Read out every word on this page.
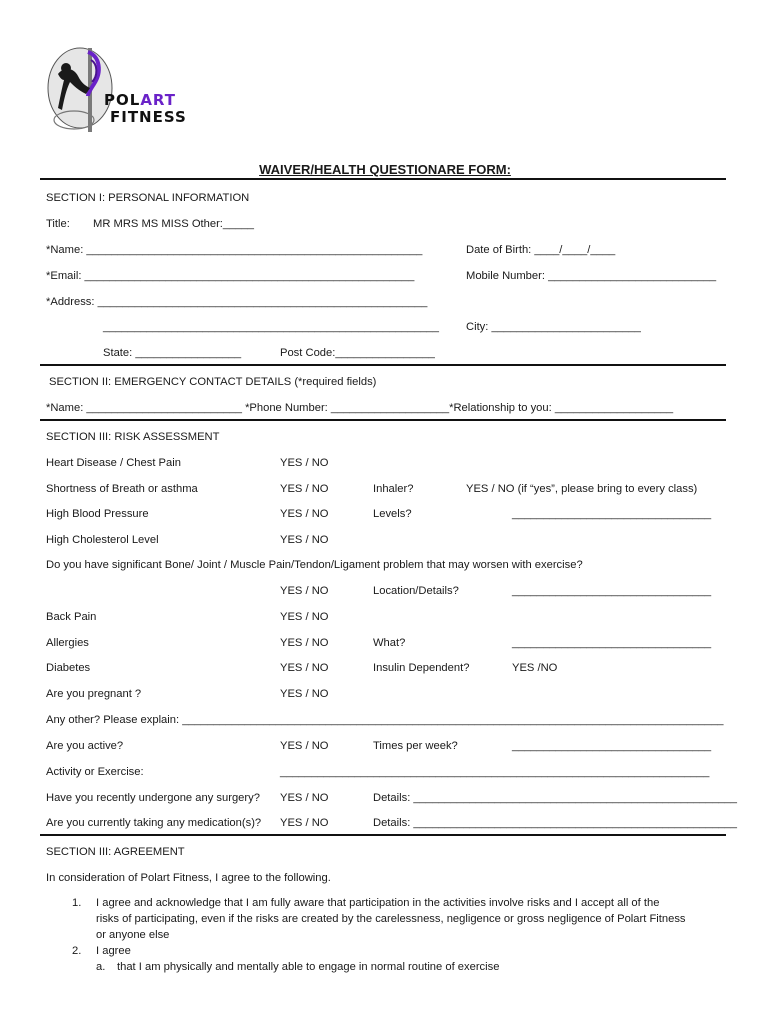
POLART
FITNESS
WAIVER/HEALTH QUESTIONARE FORM:
SECTION I: PERSONAL INFORMATION
Title: MR MRS MS MISS Other:_____
*Name: ______________________________________________________	Date of Birth: ____/____/____
*Email: _____________________________________________________	Mobile Number: ___________________________
*Address: _____________________________________________________
______________________________________________________ City: ________________________
State: _________________	Post Code:________________
SECTION II: EMERGENCY CONTACT DETAILS (*required fields)
*Name: _________________________ *Phone Number: ___________________*Relationship to you: ___________________
SECTION III: RISK ASSESSMENT
Heart Disease / Chest Pain	YES / NO
Shortness of Breath or asthma	YES / NO	Inhaler?	YES / NO (if “yes”, please bring to every class)
High Blood Pressure	YES / NO	Levels?	________________________________
High Cholesterol Level	YES / NO
Do you have significant Bone/ Joint / Muscle Pain/Tendon/Ligament problem that may worsen with exercise?
YES / NO	Location/Details?	________________________________
Back Pain	YES / NO
Allergies	YES / NO	What?	________________________________
Diabetes	YES / NO	Insulin Dependent?	YES /NO
Are you pregnant ?	YES / NO
Any other? Please explain: _______________________________________________________________________________________
Are you active?	YES / NO	Times per week?	________________________________
Activity or Exercise:	_____________________________________________________________________
Have you recently undergone any surgery? YES / NO	Details: ____________________________________________________
Are you currently taking any medication(s)? YES / NO	Details: ____________________________________________________
SECTION III: AGREEMENT
In consideration of Polart Fitness, I agree to the following.
1. I agree and acknowledge that I am fully aware that participation in the activities involve risks and I accept all of the
risks of participating, even if the risks are created by the carelessness, negligence or gross negligence of Polart Fitness
or anyone else
2. I agree
a. that I am physically and mentally able to engage in normal routine of exercise
